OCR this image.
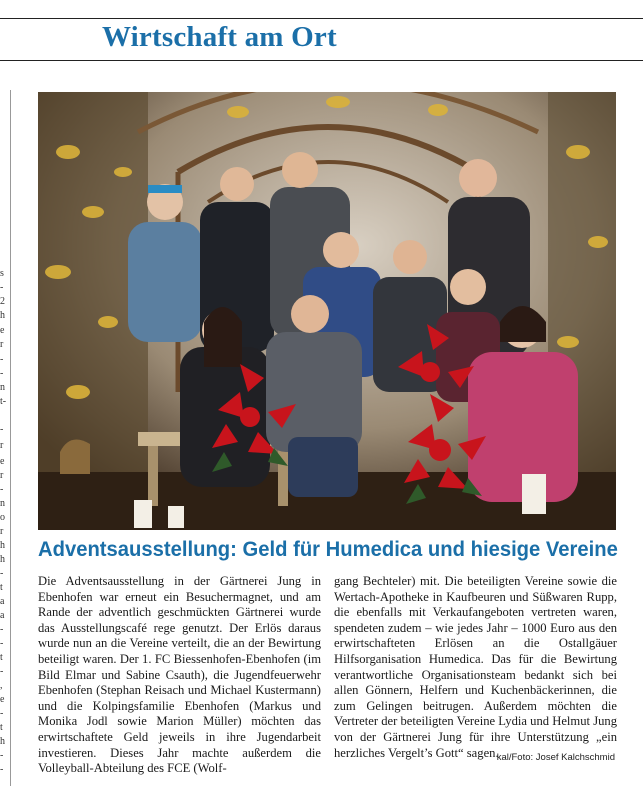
Wirtschaft am Ort
s
-
2
h
e
r
-
-
n
t-
-
r
e
r
-
n
o
r
h
h
-
t
a
a
-
-
t
-
,
e
-
t
h
-
-
Adventsausstellung: Geld für Humedica und hiesige Vereine
Die Adventsausstellung in der Gärtnerei Jung in Ebenhofen war erneut ein Besuchermagnet, und am Rande der adventlich geschmückten Gärtnerei wurde das Ausstellungscafé rege genutzt. Der Erlös daraus wurde nun an die Vereine verteilt, die an der Bewirtung beteiligt waren. Der 1. FC Biessenhofen-Ebenhofen (im Bild Elmar und Sabine Csauth), die Jugendfeuerwehr Ebenhofen (Stephan Reisach und Michael Kustermann) und die Kolpingsfamilie Ebenhofen (Markus und Monika Jodl sowie Marion Müller) möchten das erwirtschaftete Geld jeweils in ihre Jugendarbeit investieren. Dieses Jahr machte außerdem die Volleyball-Abteilung des FCE (Wolf-
gang Bechteler) mit. Die beteiligten Vereine sowie die Wertach-Apotheke in Kaufbeuren und Süßwaren Rupp, die ebenfalls mit Verkaufangeboten vertreten waren, spendeten zudem – wie jedes Jahr – 1000 Euro aus den erwirtschafteten Erlösen an die Ostallgäuer Hilfsorganisation Humedica. Das für die Bewirtung verantwortliche Organisationsteam bedankt sich bei allen Gönnern, Helfern und Kuchenbäckerinnen, die zum Gelingen beitrugen. Außerdem möchten die Vertreter der beteiligten Vereine Lydia und Helmut Jung von der Gärtnerei Jung für ihre Unterstützung „ein herzliches Vergelt’s Gott“ sagen.
kal/Foto: Josef Kalchschmid
